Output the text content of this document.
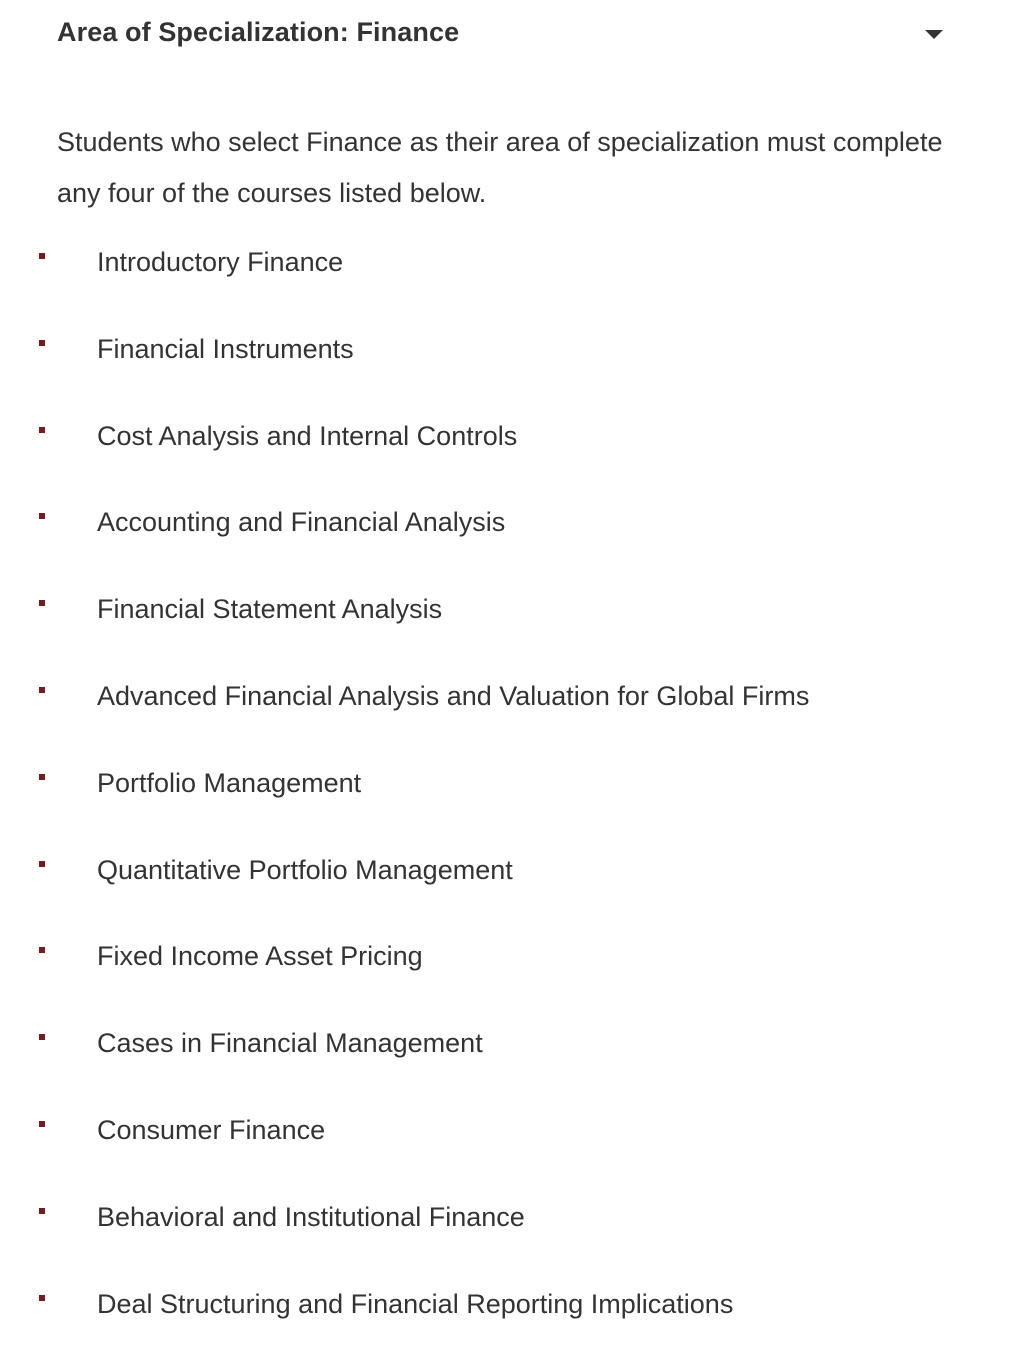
Area of Specialization: Finance

Students who select Finance as their area of specialization must complete any four of the courses listed below.

Introductory Finance
Financial Instruments
Cost Analysis and Internal Controls
Accounting and Financial Analysis
Financial Statement Analysis
Advanced Financial Analysis and Valuation for Global Firms
Portfolio Management
Quantitative Portfolio Management
Fixed Income Asset Pricing
Cases in Financial Management
Consumer Finance
Behavioral and Institutional Finance
Deal Structuring and Financial Reporting Implications
